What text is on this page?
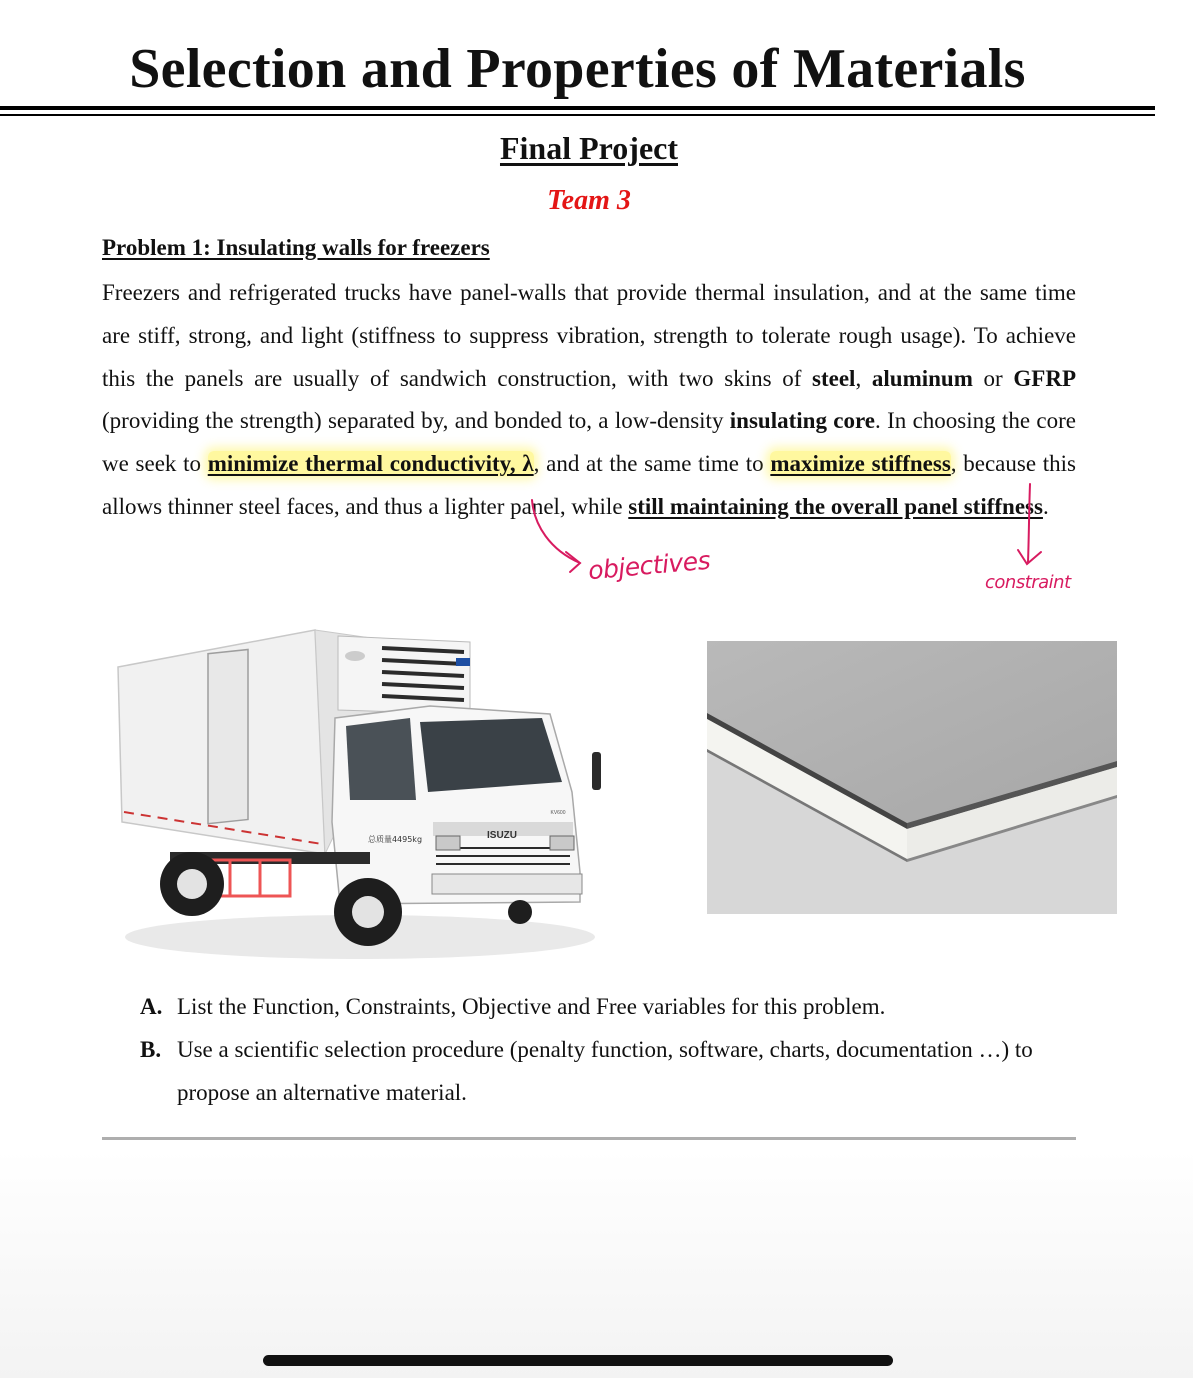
Selection and Properties of Materials
Final Project
Team 3
Problem 1: Insulating walls for freezers
Freezers and refrigerated trucks have panel-walls that provide thermal insulation, and at the same time are stiff, strong, and light (stiffness to suppress vibration, strength to tolerate rough usage). To achieve this the panels are usually of sandwich construction, with two skins of steel, aluminum or GFRP (providing the strength) separated by, and bonded to, a low-density insulating core. In choosing the core we seek to minimize thermal conductivity, λ, and at the same time to maximize stiffness, because this allows thinner steel faces, and thus a lighter panel, while still maintaining the overall panel stiffness.
objectives	constraint
ISUZU
KV600
总质量4495kg
A. List the Function, Constraints, Objective and Free variables for this problem.
B. Use a scientific selection procedure (penalty function, software, charts, documentation …) to propose an alternative material.
